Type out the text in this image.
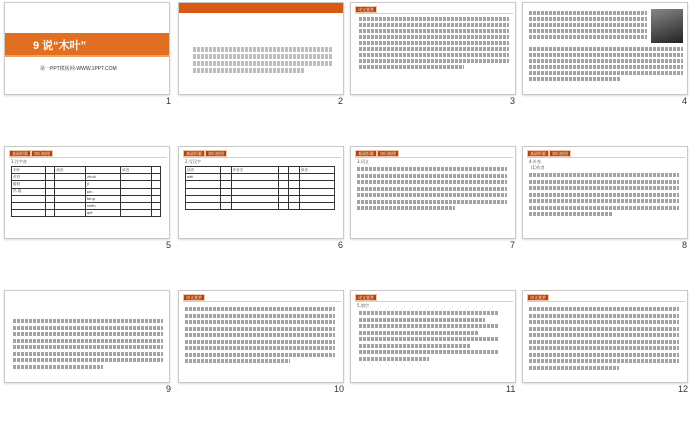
9 说“木叶”
第一PPT模板网-WWW.1PPT.COM
1	2
诗文鉴赏
3	4
基础积累	知识梳理
1.注字音
木叶		读音		读音	
亭亭			zhuō		
树杈			jí		
冯 翊			pín		
			bǐng		
			shěn		
			qiè		
5
基础积累	知识梳理
2.写汉字
读音		多音字			读音
wēi					

6
基础积累	知识梳理
3.词义
7
基础积累	知识梳理
4.补充
(1)作者
8
9
诗文鉴赏
10
诗文鉴赏
5.填空
11
诗文鉴赏
12
